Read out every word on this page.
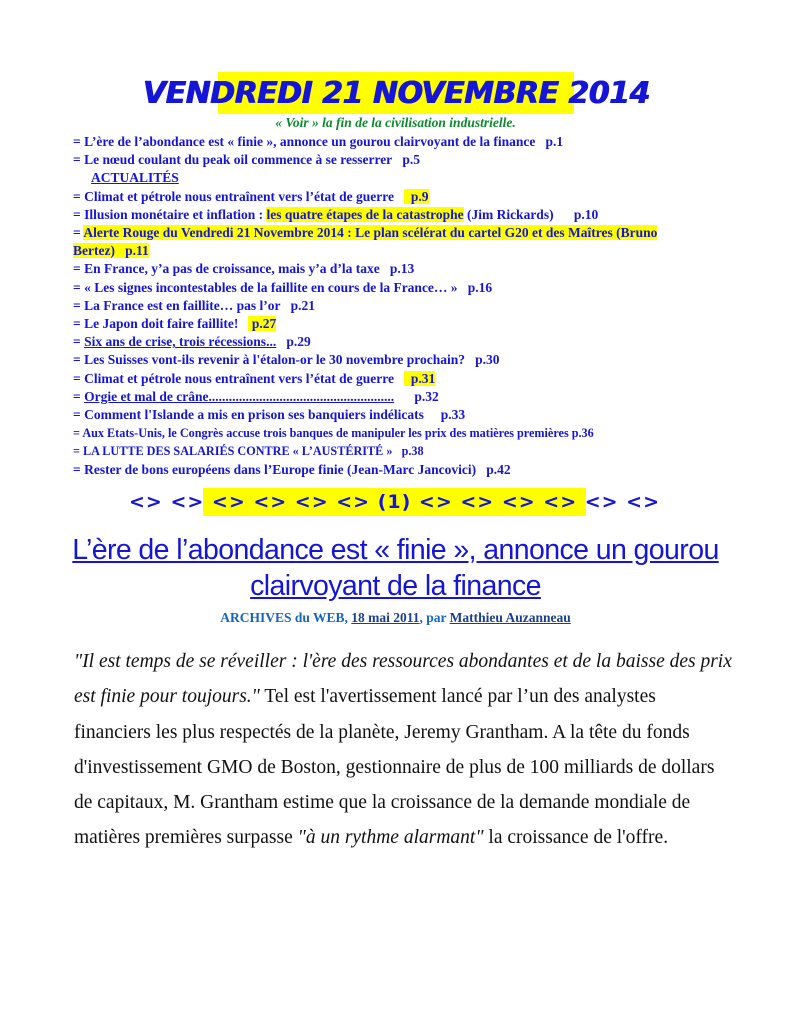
VENDREDI 21 NOVEMBRE 2014
« Voir » la fin de la civilisation industrielle.
= L’ère de l’abondance est « finie », annonce un gourou clairvoyant de la finance p.1
= Le nœud coulant du peak oil commence à se resserrer p.5
ACTUALITÉS
= Climat et pétrole nous entraînent vers l’état de guerre p.9
= Illusion monétaire et inflation : les quatre étapes de la catastrophe (Jim Rickards) p.10
= Alerte Rouge du Vendredi 21 Novembre 2014 : Le plan scélérat du cartel G20 et des Maîtres (Bruno Bertez) p.11
= En France, y’a pas de croissance, mais y’a d’la taxe p.13
= « Les signes incontestables de la faillite en cours de la France… » p.16
= La France est en faillite… pas l’or p.21
= Le Japon doit faire faillite! p.27
= Six ans de crise, trois récessions... p.29
= Les Suisses vont-ils revenir à l'étalon-or le 30 novembre prochain? p.30
= Climat et pétrole nous entraînent vers l’état de guerre p.31
= Orgie et mal de crâne....................................................... p.32
= Comment l'Islande a mis en prison ses banquiers indélicats p.33
= Aux Etats-Unis, le Congrès accuse trois banques de manipuler les prix des matières premières p.36
= LA LUTTE DES SALARIÉS CONTRE « L’AUSTÉRITÉ » p.38
= Rester de bons européens dans l’Europe finie (Jean-Marc Jancovici) p.42
<> <> <> <> <> <> (1) <> <> <> <> <> <>
L’ère de l’abondance est « finie », annonce un gourou clairvoyant de la finance
ARCHIVES du WEB, 18 mai 2011, par Matthieu Auzanneau

"Il est temps de se réveiller : l'ère des ressources abondantes et de la baisse des prix est finie pour toujours." Tel est l'avertissement lancé par l’un des analystes financiers les plus respectés de la planète, Jeremy Grantham. A la tête du fonds d'investissement GMO de Boston, gestionnaire de plus de 100 milliards de dollars de capitaux, M. Grantham estime que la croissance de la demande mondiale de matières premières surpasse "à un rythme alarmant" la croissance de l'offre.
